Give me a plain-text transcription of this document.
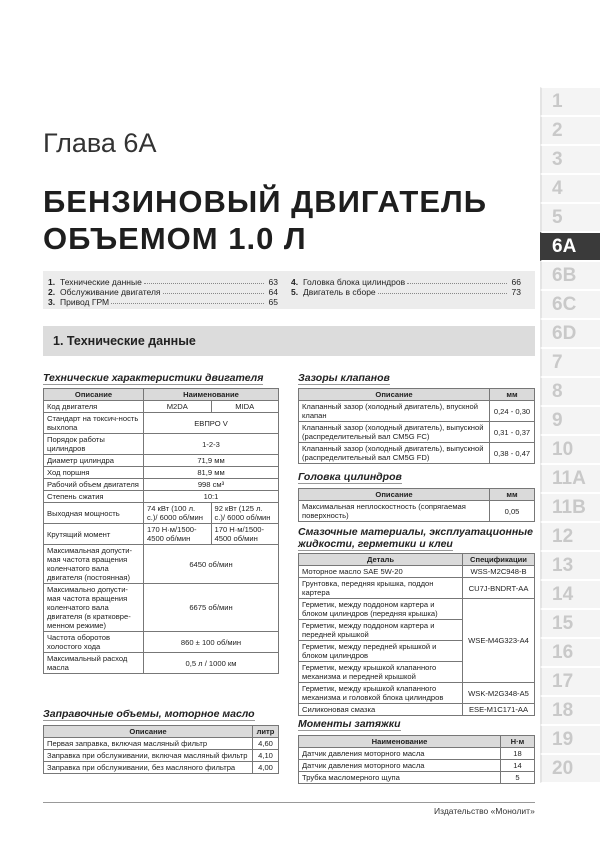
1
2
3
4
5
6A
6B
6C
6D
7
8
9
10
11A
11B
12
13
14
15
16
17
18
19
20
Глава 6А
БЕНЗИНОВЫЙ ДВИГАТЕЛЬ
ОБЪЕМОМ 1.0 Л
1. Технические данные	63
2. Обслуживание двигателя	64
3. Привод ГРМ	65
4. Головка блока цилиндров	66
5. Двигатель в сборе	73
1. Технические данные
Технические характеристики двигателя
Описание	Наименование	
Код двигателя	M2DA	MIDA
Стандарт на токсич-ность выхлопа	ЕВПРО V	
Порядок работы цилиндров	1-2-3	
Диаметр цилиндра	71,9 мм	
Ход поршня	81,9 мм	
Рабочий объем двигателя	998 см³	
Степень сжатия	10:1	
Выходная мощность	74 кВт (100 л. с.)/ 6000 об/мин	92 кВт (125 л. с.)/ 6000 об/мин
Крутящий момент	170 Н·м/1500-4500 об/мин	170 Н·м/1500-4500 об/мин
Максимальная допусти-мая частота вращения коленчатого вала двигателя (постоянная)	6450 об/мин	
Максимально допусти-мая частота вращения коленчатого вала двигателя (в кратковре-менном режиме)	6675 об/мин	
Частота оборотов холостого хода	860 ± 100 об/мин	
Максимальный расход масла	0,5 л / 1000 км	
Заправочные объемы, моторное масло
Описание	литр
Первая заправка, включая масляный фильтр	4,60
Заправка при обслуживании, включая масляный фильтр	4,10
Заправка при обслуживании, без масляного фильтра	4,00
Зазоры клапанов
Описание	мм
Клапанный зазор (холодный двигатель), впускной клапан	0,24 - 0,30
Клапанный зазор (холодный двигатель), выпускной (распределительный вал CM5G FC)	0,31 - 0,37
Клапанный зазор (холодный двигатель), выпускной (распределительный вал CM5G FD)	0,38 - 0,47
Головка цилиндров
Описание	мм
Максимальная неплоскостность (сопрягаемая поверхность)	0,05
Смазочные материалы, эксплуатационные
жидкости, герметики и клеи
Деталь	Спецификации
Моторное масло SAE 5W-20	WSS-M2C948-B
Грунтовка, передняя крышка, поддон картера	CU7J-BNDRT-AA
Герметик, между поддоном картера и блоком цилиндров (передняя крышка)	WSE-M4G323-A4
Герметик, между поддоном картера и передней крышкой	
Герметик, между передней крышкой и блоком цилиндров	
Герметик, между крышкой клапанного механизма и передней крышкой	
Герметик, между крышкой клапанного механизма и головкой блока цилиндров	WSK-M2G348-A5
Силиконовая смазка	ESE-M1C171-AA
Моменты затяжки
Наименование	Н·м
Датчик давления моторного масла	18
Датчик давления моторного масла	14
Трубка масломерного щупа	5
Издательство «Монолит»
